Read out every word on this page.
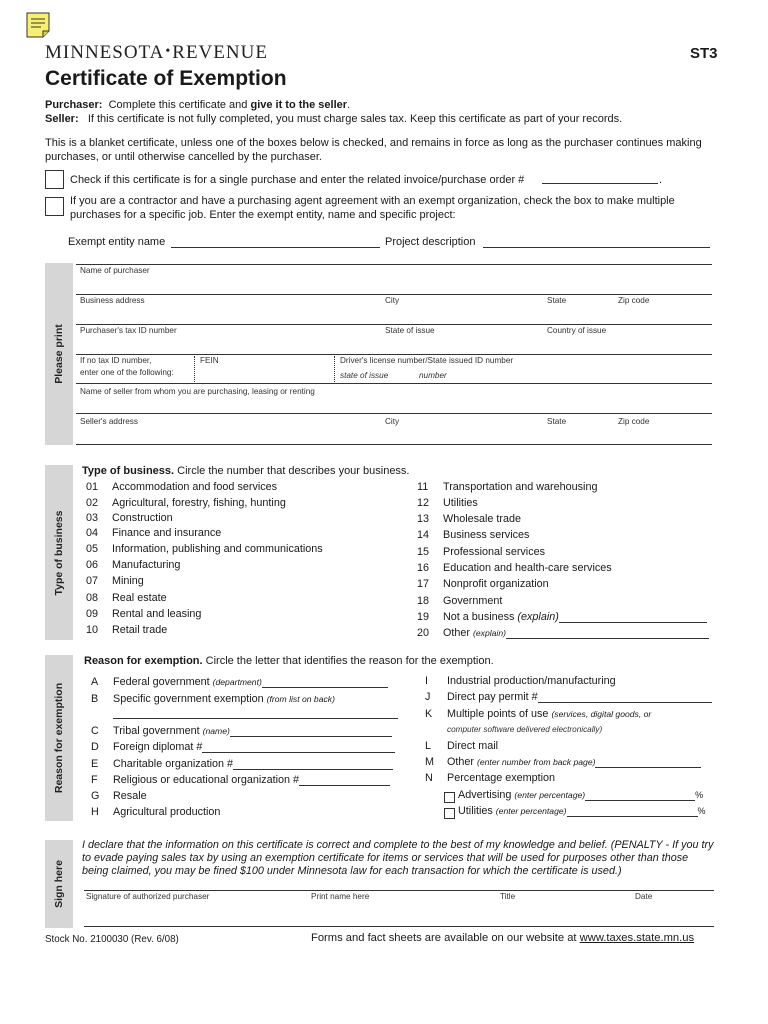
MINNESOTA•REVENUE	ST3
Certificate of Exemption
Purchaser: Complete this certificate and give it to the seller.
Seller: If this certificate is not fully completed, you must charge sales tax. Keep this certificate as part of your records.
This is a blanket certificate, unless one of the boxes below is checked, and remains in force as long as the purchaser continues making purchases, or until otherwise cancelled by the purchaser.
Check if this certificate is for a single purchase and enter the related invoice/purchase order #	.
If you are a contractor and have a purchasing agent agreement with an exempt organization, check the box to make multiple purchases for a specific job. Enter the exempt entity, name and specific project:
Exempt entity name	Project description
Please print
Name of purchaser
Business address	City	State	Zip code
Purchaser's tax ID number	State of issue	Country of issue
If no tax ID number,
enter one of the following:
FEIN	Driver's license number/State issued ID number
state of issue	number
Name of seller from whom you are purchasing, leasing or renting
Seller's address	City	State	Zip code
Type of business
Type of business. Circle the number that describes your business.
01 Accommodation and food services
02 Agricultural, forestry, fishing, hunting
03 Construction
04 Finance and insurance
05 Information, publishing and communications
06 Manufacturing
07 Mining
08 Real estate
09 Rental and leasing
10 Retail trade
11 Transportation and warehousing
12 Utilities
13 Wholesale trade
14 Business services
15 Professional services
16 Education and health-care services
17 Nonprofit organization
18 Government
19 Not a business (explain)
20 Other (explain)
Reason for exemption
Reason for exemption. Circle the letter that identifies the reason for the exemption.
A Federal government (department)
B Specific government exemption (from list on back)
C Tribal government (name)
D Foreign diplomat #
E Charitable organization #
F Religious or educational organization #
G Resale
H Agricultural production
I Industrial production/manufacturing
J Direct pay permit #
K Multiple points of use (services, digital goods, or
computer software delivered electronically)
L Direct mail
M Other (enter number from back page)
N Percentage exemption
Advertising (enter percentage)	%
Utilities (enter percentage)	%
Sign here
I declare that the information on this certificate is correct and complete to the best of my knowledge and belief. (PENALTY - If you try to evade paying sales tax by using an exemption certificate for items or services that will be used for purposes other than those being claimed, you may be fined $100 under Minnesota law for each transaction for which the certificate is used.)
Signature of authorized purchaser	Print name here	Title	Date
Stock No. 2100030 (Rev. 6/08)	Forms and fact sheets are available on our website at www.taxes.state.mn.us
